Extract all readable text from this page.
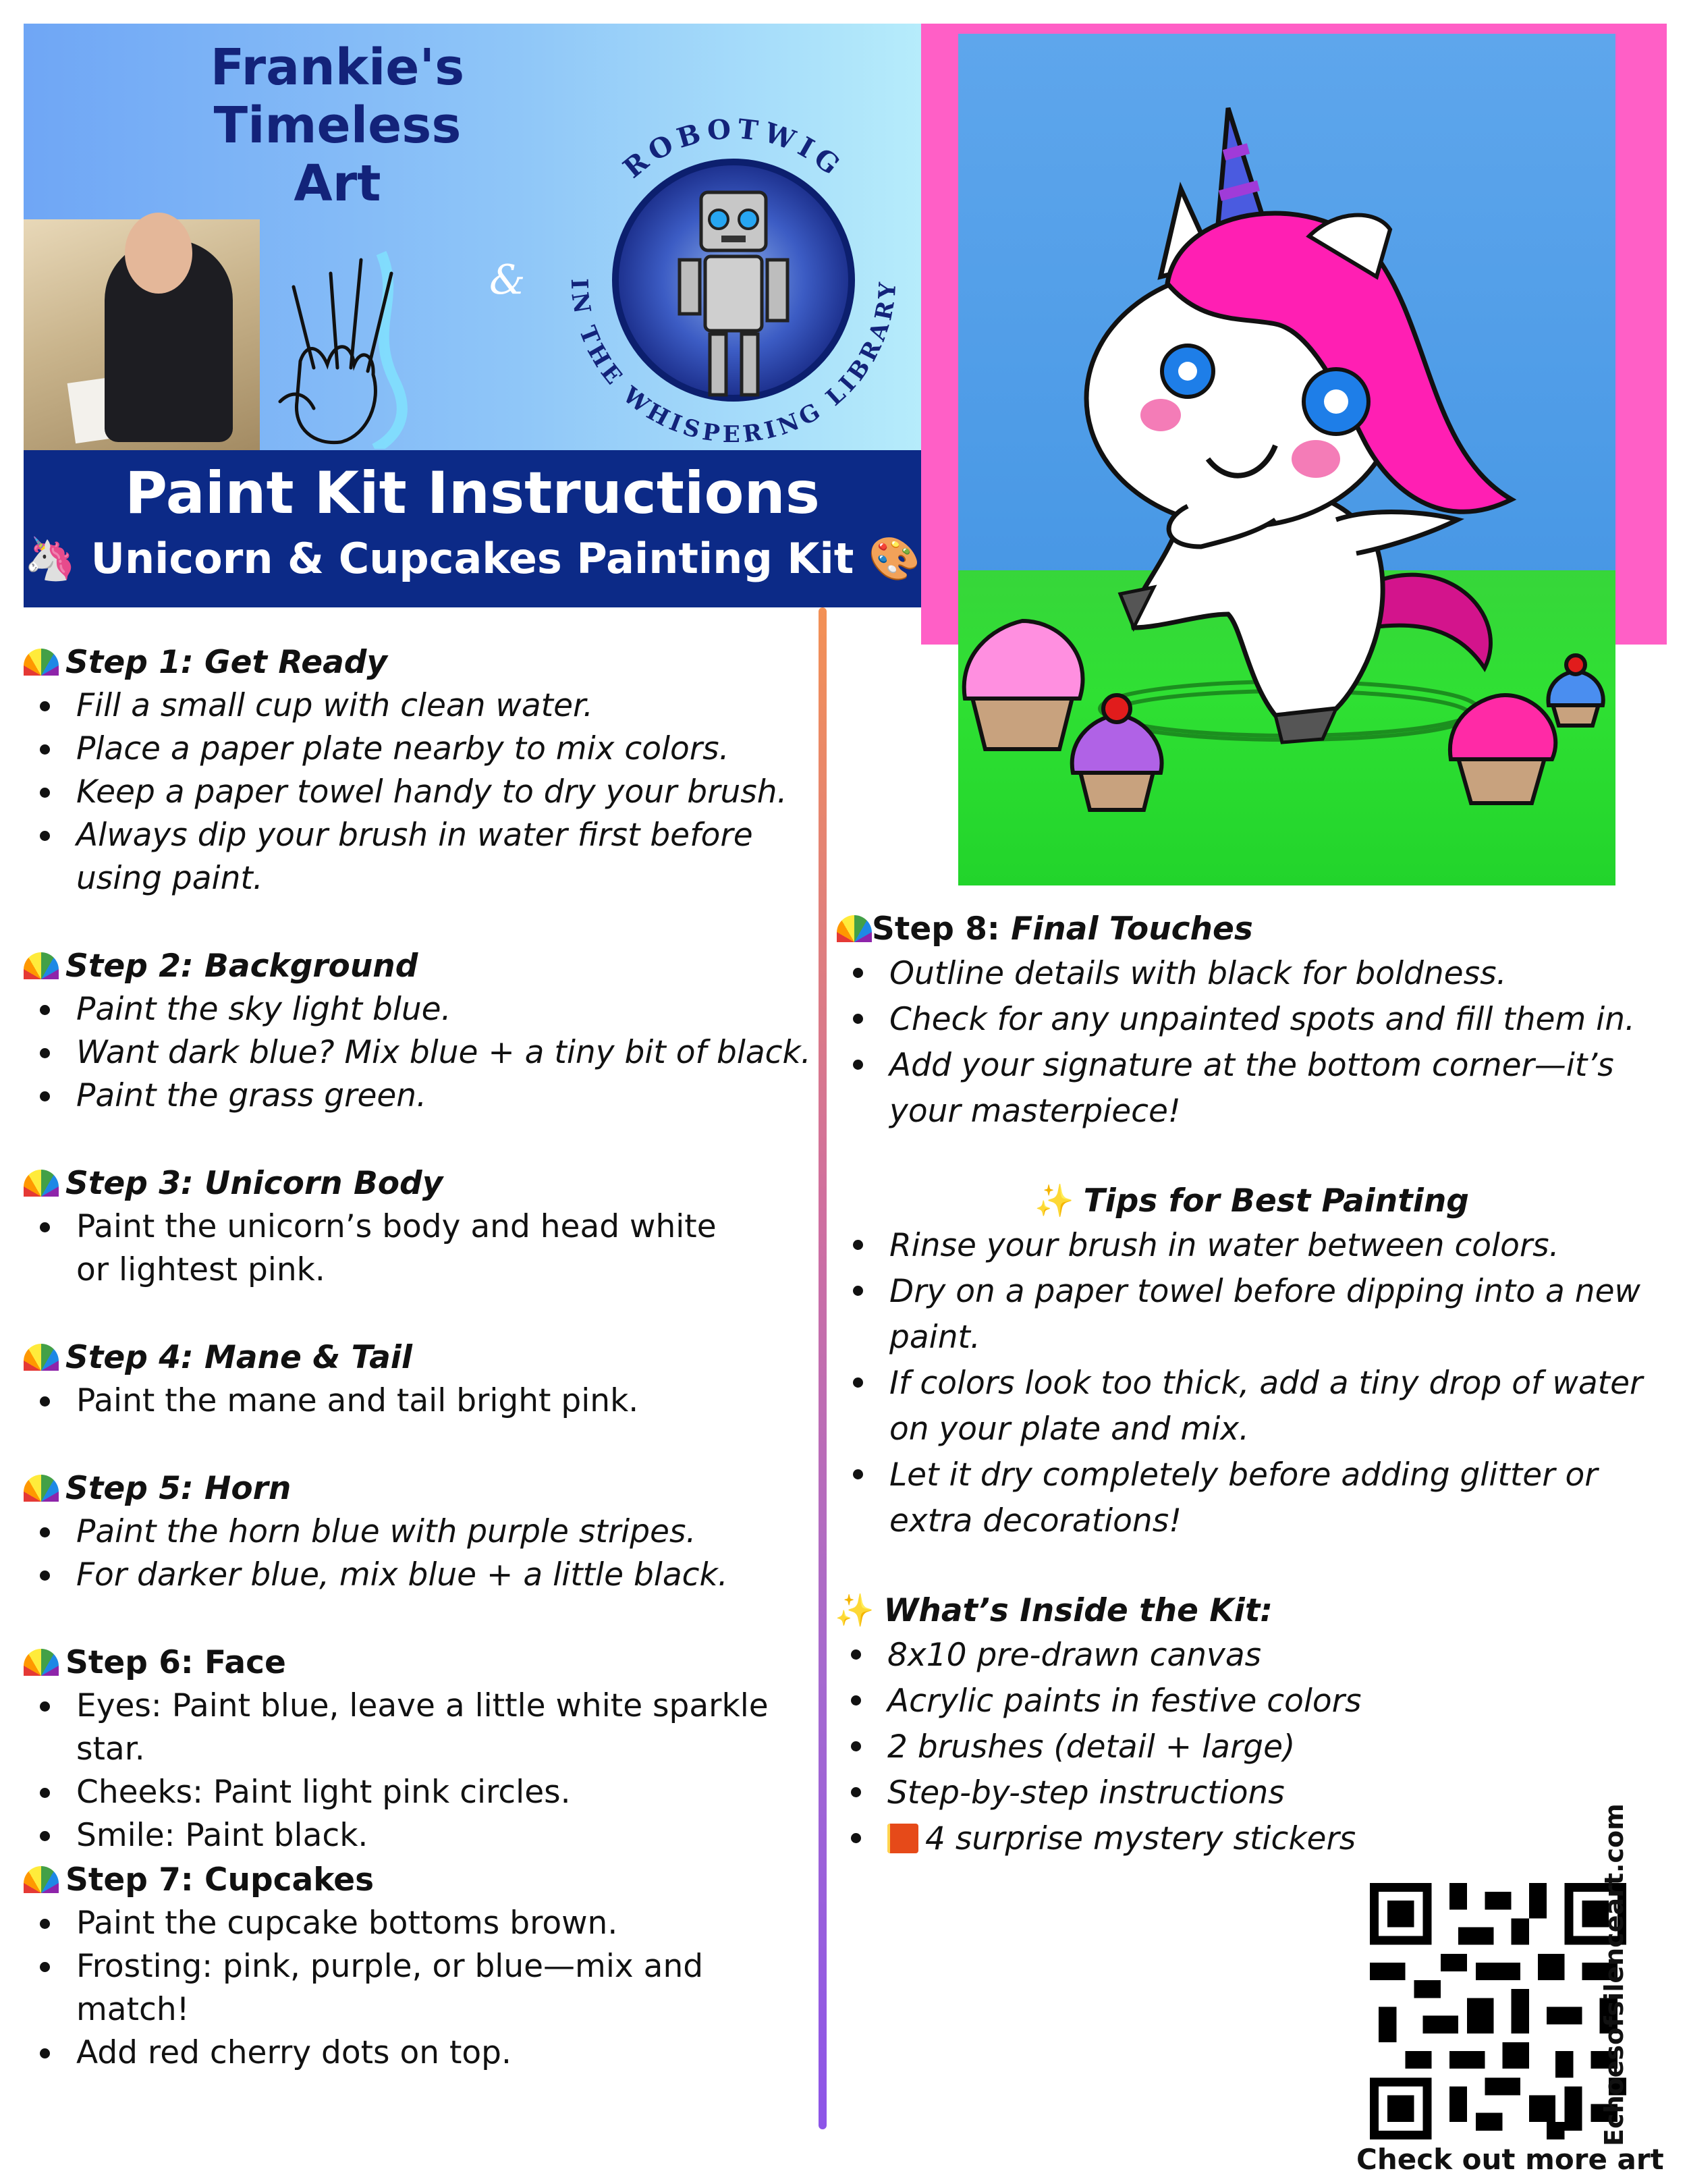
Frankie's
Timeless
Art
&
ROBOTWIG
IN THE WHISPERING LIBRARY
Paint Kit Instructions
🦄 Unicorn & Cupcakes Painting Kit 🎨
Step 1: Get Ready
Fill a small cup with clean water.
Place a paper plate nearby to mix colors.
Keep a paper towel handy to dry your brush.
Always dip your brush in water first before using paint.
Step 2: Background
Paint the sky light blue.
Want dark blue? Mix blue + a tiny bit of black.
Paint the grass green.
Step 3: Unicorn Body
Paint the unicorn’s body and head white or lightest pink.
Step 4: Mane & Tail
Paint the mane and tail bright pink.
Step 5: Horn
Paint the horn blue with purple stripes.
For darker blue, mix blue + a little black.
Step 6: Face
Eyes: Paint blue, leave a little white sparkle star.
Cheeks: Paint light pink circles.
Smile: Paint black.
Step 7: Cupcakes
Paint the cupcake bottoms brown.
Frosting: pink, purple, or blue—mix and match!
Add red cherry dots on top.
Step 8: Final Touches
Outline details with black for boldness.
Check for any unpainted spots and fill them in.
Add your signature at the bottom corner—it’s your masterpiece!
✨ Tips for Best Painting
Rinse your brush in water between colors.
Dry on a paper towel before dipping into a new paint.
If colors look too thick, add a tiny drop of water on your plate and mix.
Let it dry completely before adding glitter or extra decorations!
✨ What’s Inside the Kit:
8x10 pre-drawn canvas
Acrylic paints in festive colors
2 brushes (detail + large)
Step-by-step instructions
4 surprise mystery stickers	Echoesofsilenceart.com
Check out more art
